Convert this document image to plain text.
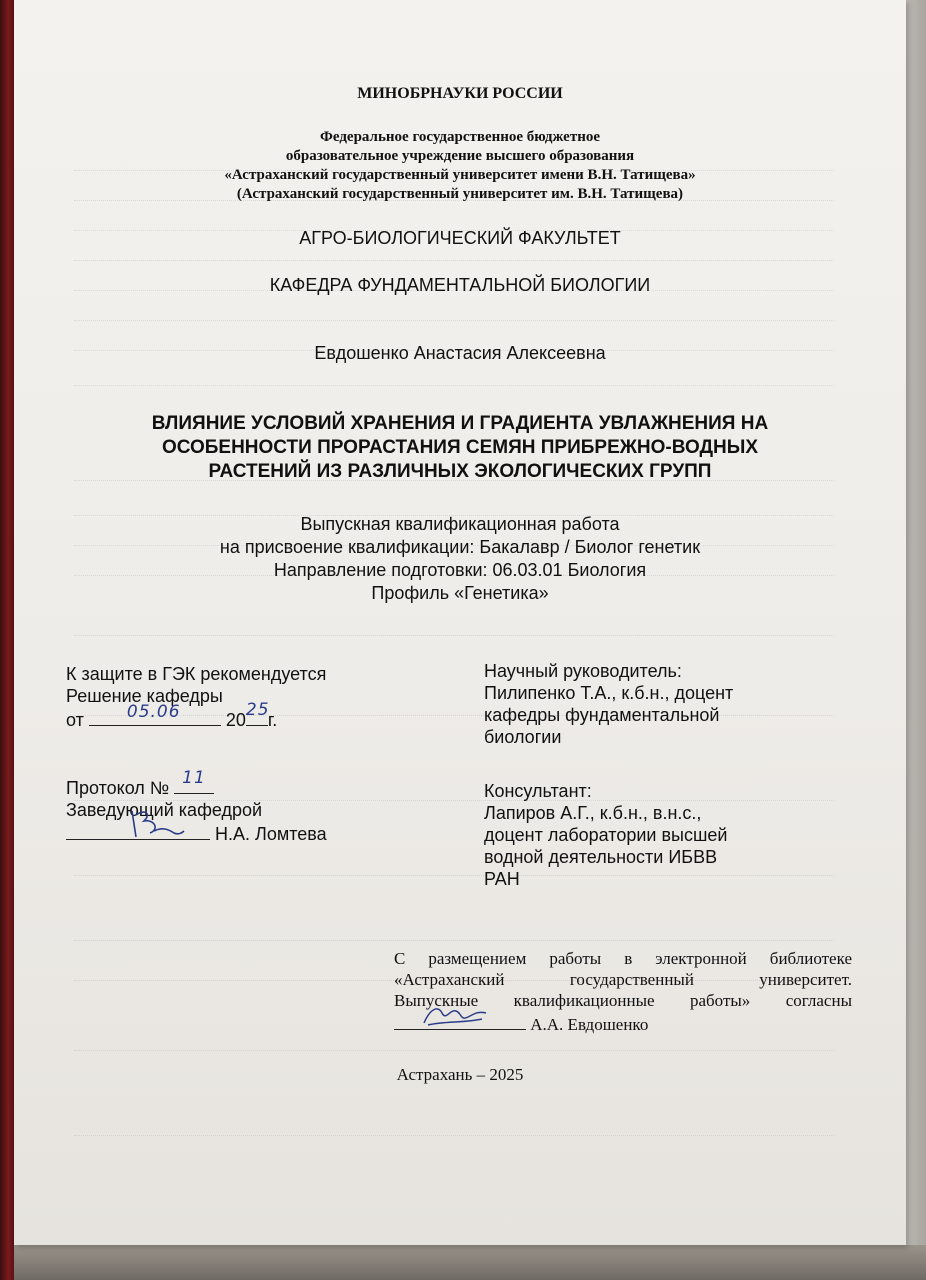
МИНОБРНАУКИ РОССИИ
Федеральное государственное бюджетное
образовательное учреждение высшего образования
«Астраханский государственный университет имени В.Н. Татищева»
(Астраханский государственный университет им. В.Н. Татищева)
АГРО-БИОЛОГИЧЕСКИЙ ФАКУЛЬТЕТ
КАФЕДРА ФУНДАМЕНТАЛЬНОЙ БИОЛОГИИ
Евдошенко Анастасия Алексеевна
ВЛИЯНИЕ УСЛОВИЙ ХРАНЕНИЯ И ГРАДИЕНТА УВЛАЖНЕНИЯ НА
ОСОБЕННОСТИ ПРОРАСТАНИЯ СЕМЯН ПРИБРЕЖНО-ВОДНЫХ
РАСТЕНИЙ ИЗ РАЗЛИЧНЫХ ЭКОЛОГИЧЕСКИХ ГРУПП
Выпускная квалификационная работа
на присвоение квалификации: Бакалавр / Биолог генетик
Направление подготовки: 06.03.01 Биология
Профиль «Генетика»
К защите в ГЭК рекомендуется
Решение кафедры
от	05.06	20 25
г.
Протокол № 11
Заведующий кафедрой
Н.А. Ломтева
Научный руководитель:
Пилипенко Т.А., к.б.н., доцент
кафедры фундаментальной
биологии
Консультант:
Лапиров А.Г., к.б.н., в.н.с.,
доцент лаборатории высшей
водной деятельности ИБВВ
РАН
С размещением работы в электронной библиотеке
«Астраханский государственный университет.
Выпускные квалификационные работы» согласны
А.А. Евдошенко
Астрахань – 2025
